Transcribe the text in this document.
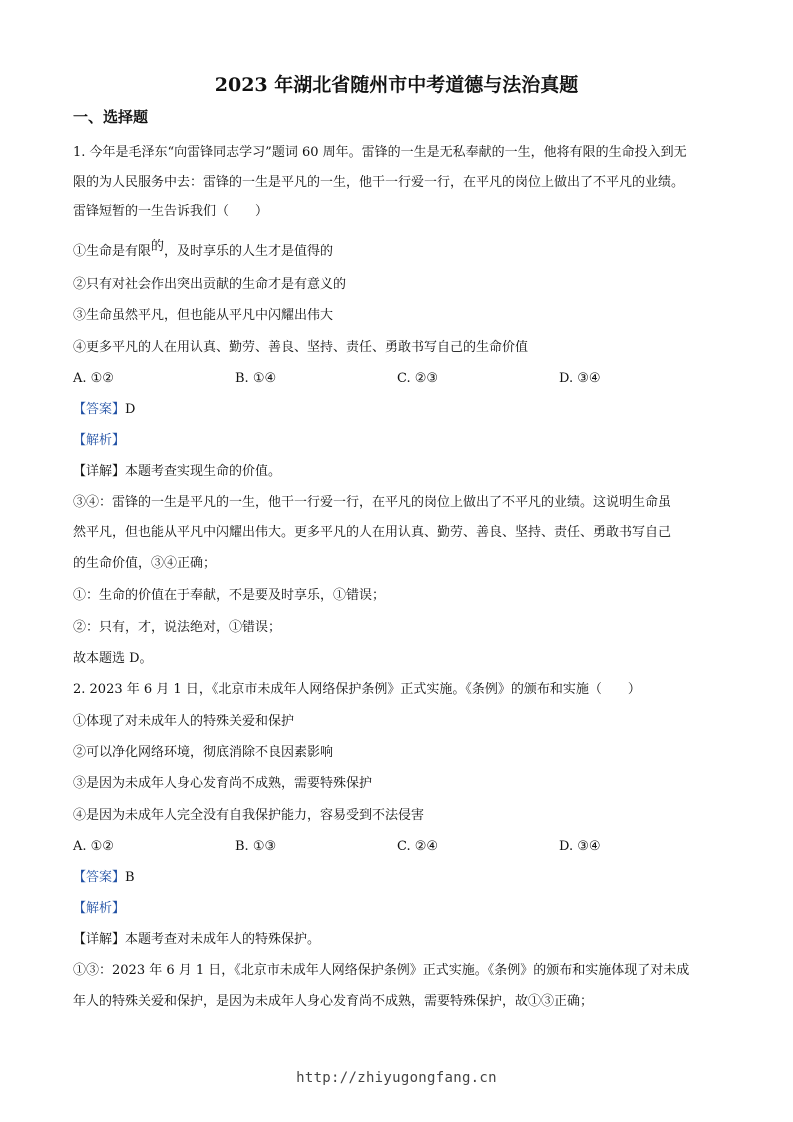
2023 年湖北省随州市中考道德与法治真题
一、选择题
1. 今年是毛泽东“向雷锋同志学习”题词 60 周年。雷锋的一生是无私奉献的一生，他将有限的生命投入到无
限的为人民服务中去：雷锋的一生是平凡的一生，他干一行爱一行，在平凡的岗位上做出了不平凡的业绩。
雷锋短暂的一生告诉我们（　　）
①生命是有限的，及时享乐的人生才是值得的
②只有对社会作出突出贡献的生命才是有意义的
③生命虽然平凡，但也能从平凡中闪耀出伟大
④更多平凡的人在用认真、勤劳、善良、坚持、责任、勇敢书写自己的生命价值
A. ①②	B. ①④	C. ②③	D. ③④
【答案】D
【解析】
【详解】本题考查实现生命的价值。
③④：雷锋的一生是平凡的一生，他干一行爱一行，在平凡的岗位上做出了不平凡的业绩。这说明生命虽
然平凡，但也能从平凡中闪耀出伟大。更多平凡的人在用认真、勤劳、善良、坚持、责任、勇敢书写自己
的生命价值，③④正确；
①：生命的价值在于奉献，不是要及时享乐，①错误；
②：只有，才，说法绝对，①错误；
故本题选 D。
2. 2023 年 6 月 1 日，《北京市未成年人网络保护条例》正式实施。《条例》的颁布和实施（　　）
①体现了对未成年人的特殊关爱和保护
②可以净化网络环境，彻底消除不良因素影响
③是因为未成年人身心发育尚不成熟，需要特殊保护
④是因为未成年人完全没有自我保护能力，容易受到不法侵害
A. ①②	B. ①③	C. ②④	D. ③④
【答案】B
【解析】
【详解】本题考查对未成年人的特殊保护。
①③：2023 年 6 月 1 日，《北京市未成年人网络保护条例》正式实施。《条例》的颁布和实施体现了对未成
年人的特殊关爱和保护，是因为未成年人身心发育尚不成熟，需要特殊保护，故①③正确；
http://zhiyugongfang.cn
